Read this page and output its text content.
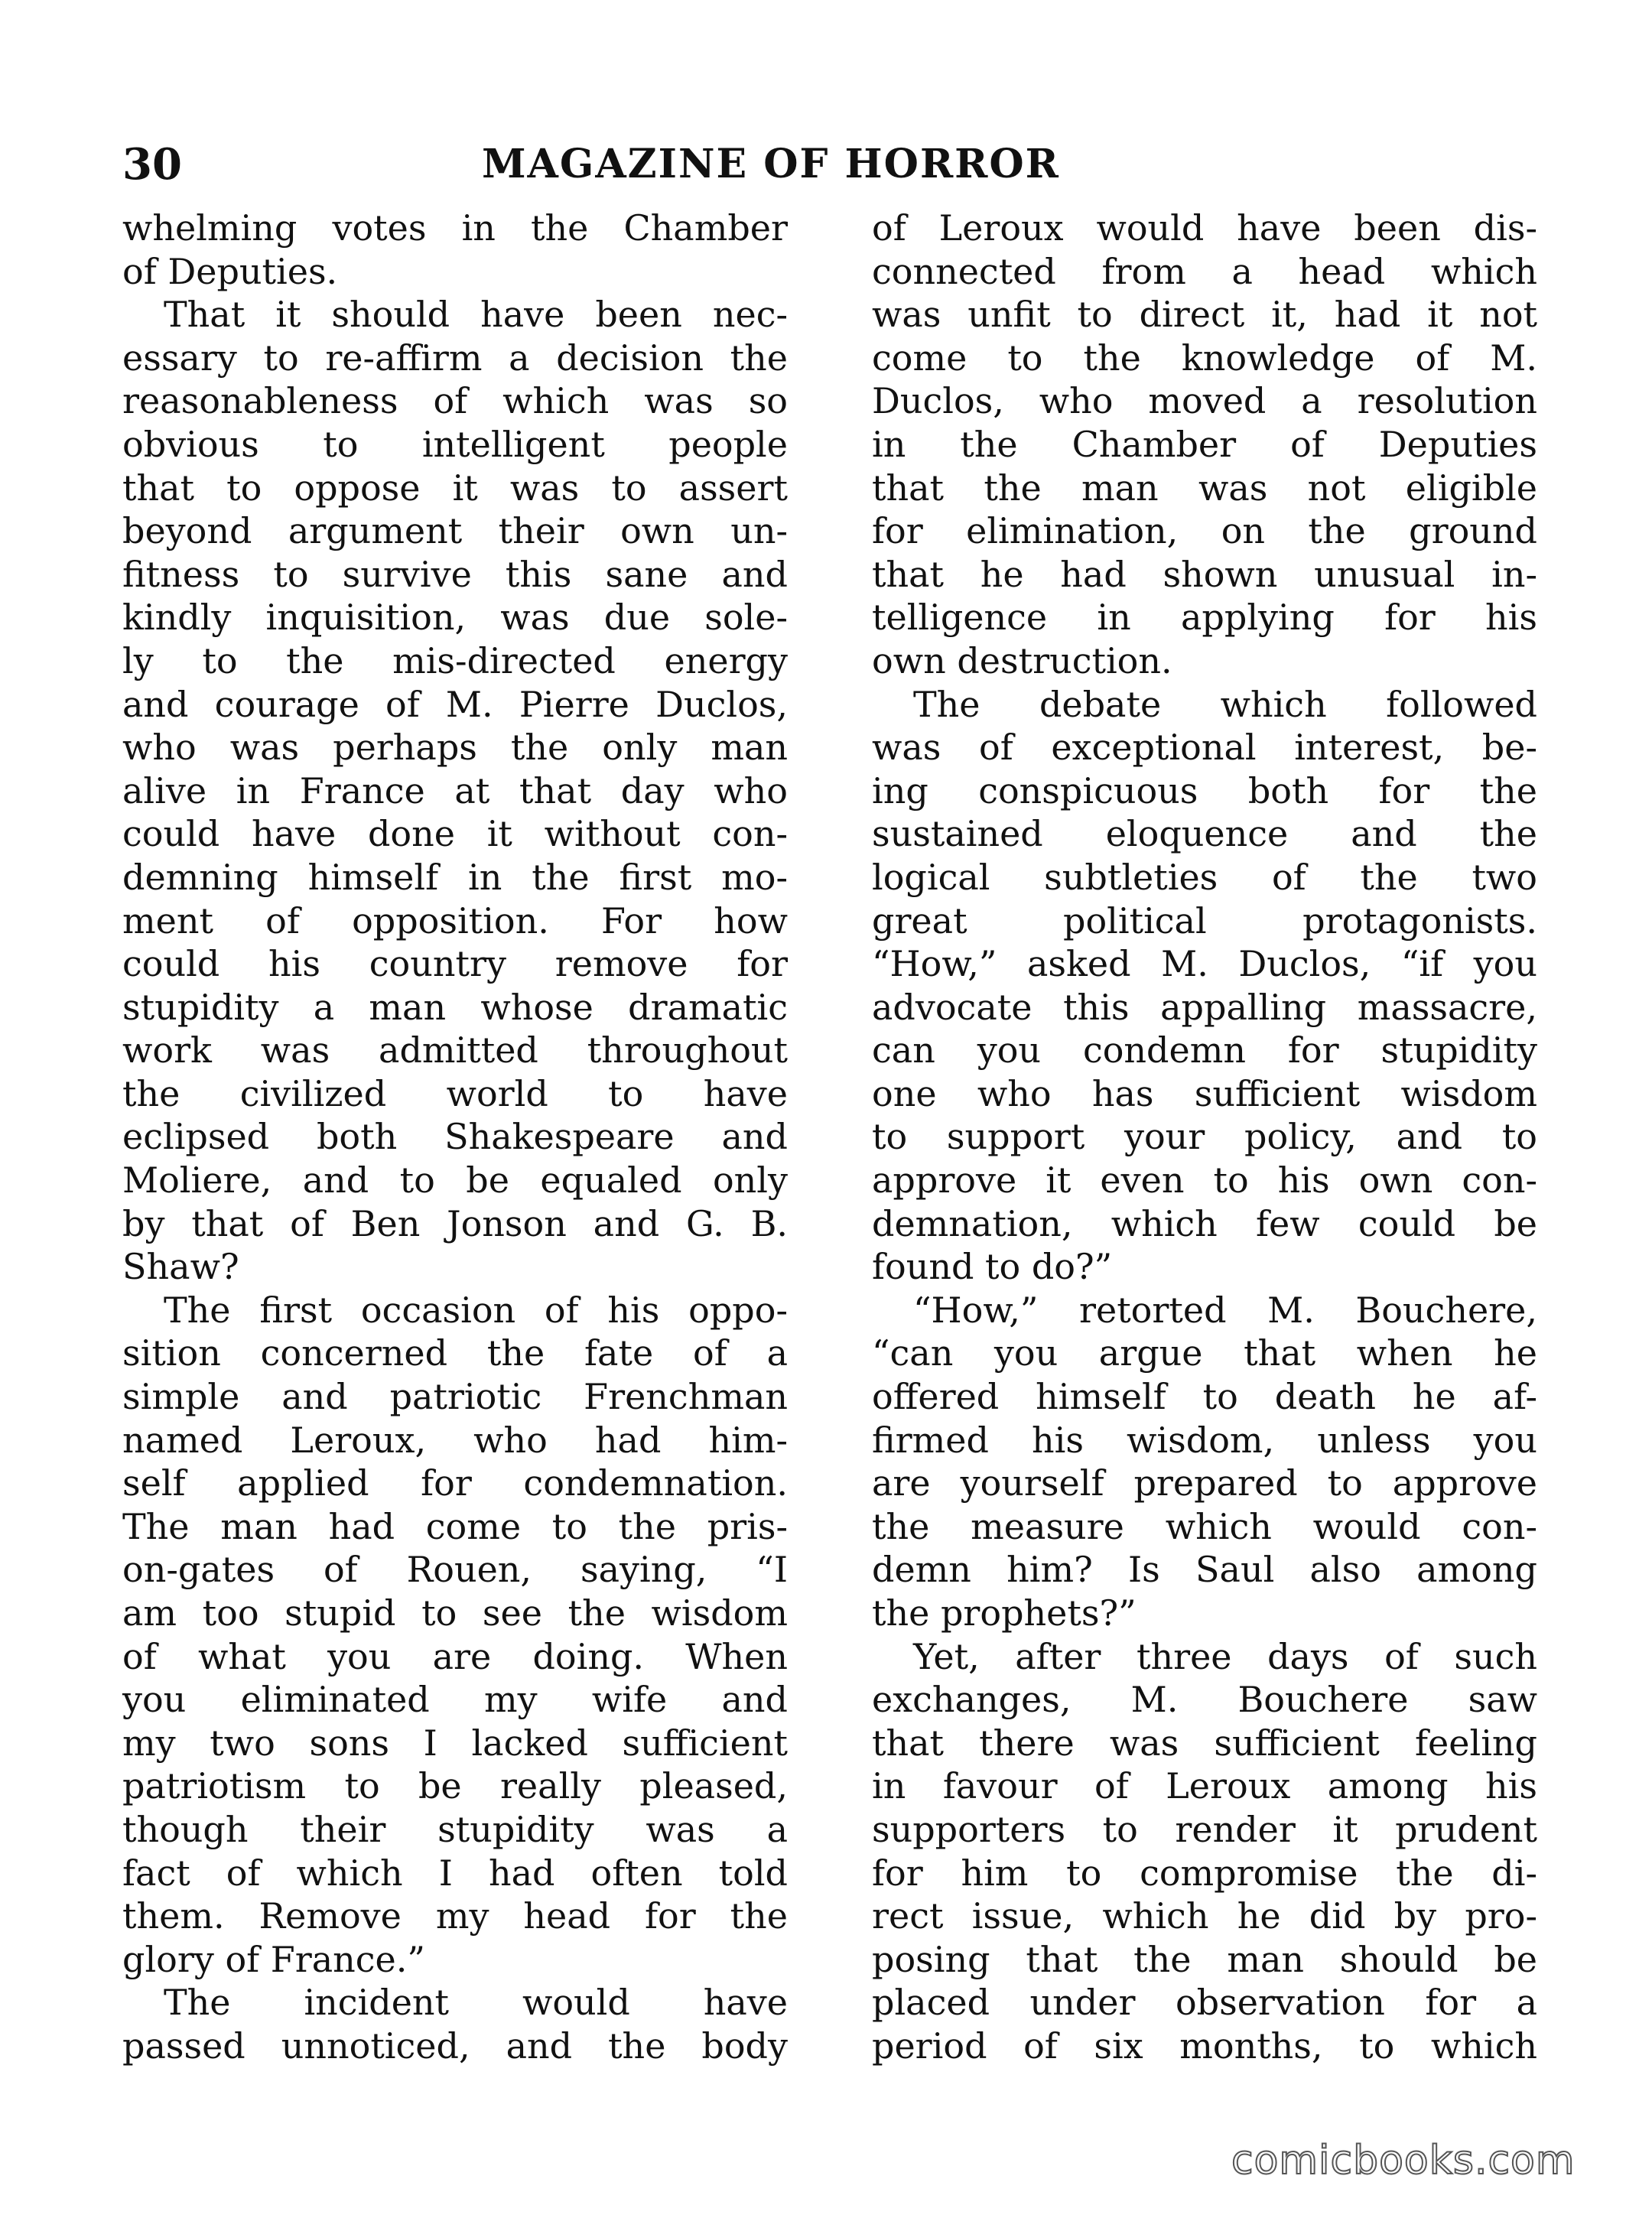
30	MAGAZINE OF HORROR
whelming votes in the Chamber
of Deputies.
That it should have been nec-
essary to re-affirm a decision the
reasonableness of which was so
obvious to intelligent people
that to oppose it was to assert
beyond argument their own un-
fitness to survive this sane and
kindly inquisition, was due sole-
ly to the mis-directed energy
and courage of M. Pierre Duclos,
who was perhaps the only man
alive in France at that day who
could have done it without con-
demning himself in the first mo-
ment of opposition. For how
could his country remove for
stupidity a man whose dramatic
work was admitted throughout
the civilized world to have
eclipsed both Shakespeare and
Moliere, and to be equaled only
by that of Ben Jonson and G. B.
Shaw?
The first occasion of his oppo-
sition concerned the fate of a
simple and patriotic Frenchman
named Leroux, who had him-
self applied for condemnation.
The man had come to the pris-
on-gates of Rouen, saying, “I
am too stupid to see the wisdom
of what you are doing. When
you eliminated my wife and
my two sons I lacked sufficient
patriotism to be really pleased,
though their stupidity was a
fact of which I had often told
them. Remove my head for the
glory of France.”
The incident would have
passed unnoticed, and the body
of Leroux would have been dis-
connected from a head which
was unfit to direct it, had it not
come to the knowledge of M.
Duclos, who moved a resolution
in the Chamber of Deputies
that the man was not eligible
for elimination, on the ground
that he had shown unusual in-
telligence in applying for his
own destruction.
The debate which followed
was of exceptional interest, be-
ing conspicuous both for the
sustained eloquence and the
logical subtleties of the two
great political protagonists.
“How,” asked M. Duclos, “if you
advocate this appalling massacre,
can you condemn for stupidity
one who has sufficient wisdom
to support your policy, and to
approve it even to his own con-
demnation, which few could be
found to do?”
“How,” retorted M. Bouchere,
“can you argue that when he
offered himself to death he af-
firmed his wisdom, unless you
are yourself prepared to approve
the measure which would con-
demn him? Is Saul also among
the prophets?”
Yet, after three days of such
exchanges, M. Bouchere saw
that there was sufficient feeling
in favour of Leroux among his
supporters to render it prudent
for him to compromise the di-
rect issue, which he did by pro-
posing that the man should be
placed under observation for a
period of six months, to which
comicbooks.com
